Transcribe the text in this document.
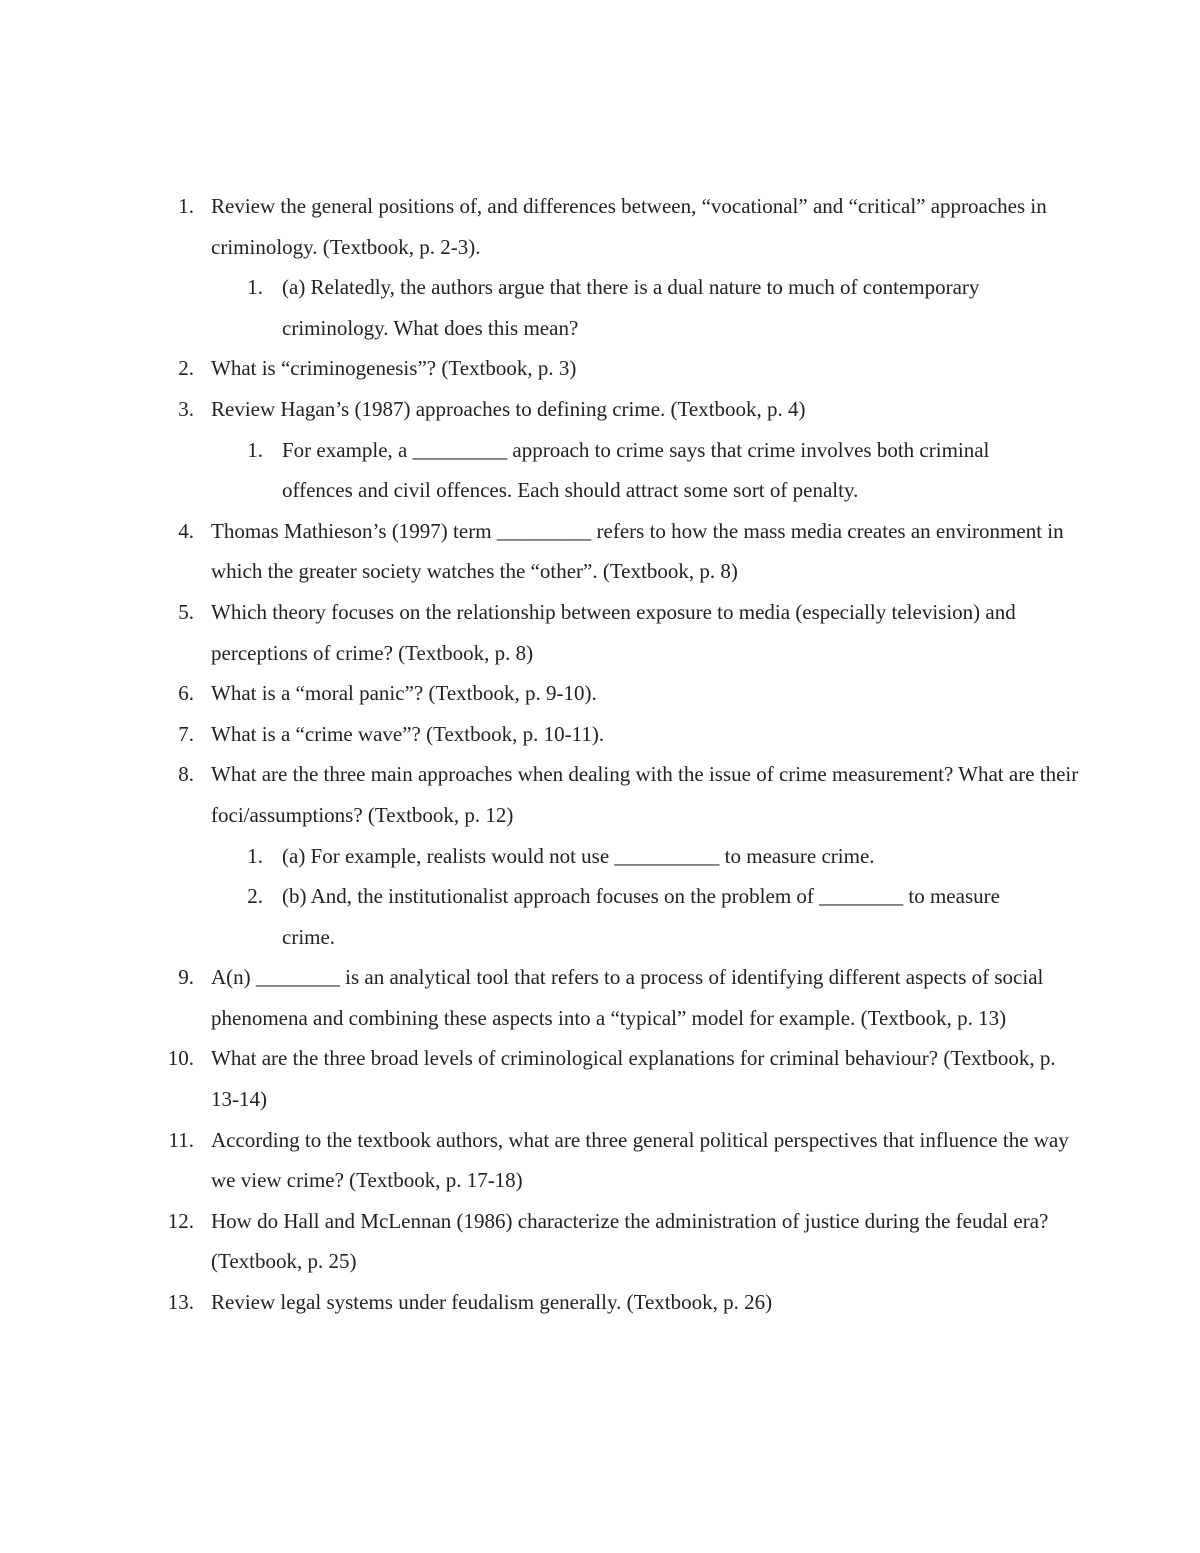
1. Review the general positions of, and differences between, “vocational” and “critical” approaches in criminology. (Textbook, p. 2-3).
1. (a) Relatedly, the authors argue that there is a dual nature to much of contemporary criminology. What does this mean?
2. What is “criminogenesis”? (Textbook, p. 3)
3. Review Hagan’s (1987) approaches to defining crime. (Textbook, p. 4)
1. For example, a _________ approach to crime says that crime involves both criminal offences and civil offences. Each should attract some sort of penalty.
4. Thomas Mathieson’s (1997) term _________ refers to how the mass media creates an environment in which the greater society watches the “other”. (Textbook, p. 8)
5. Which theory focuses on the relationship between exposure to media (especially television) and perceptions of crime? (Textbook, p. 8)
6. What is a “moral panic”? (Textbook, p. 9-10).
7. What is a “crime wave”? (Textbook, p. 10-11).
8. What are the three main approaches when dealing with the issue of crime measurement? What are their foci/assumptions? (Textbook, p. 12)
1. (a) For example, realists would not use __________ to measure crime.
2. (b) And, the institutionalist approach focuses on the problem of ________ to measure crime.
9. A(n) ________ is an analytical tool that refers to a process of identifying different aspects of social phenomena and combining these aspects into a “typical” model for example. (Textbook, p. 13)
10. What are the three broad levels of criminological explanations for criminal behaviour? (Textbook, p. 13-14)
11. According to the textbook authors, what are three general political perspectives that influence the way we view crime? (Textbook, p. 17-18)
12. How do Hall and McLennan (1986) characterize the administration of justice during the feudal era? (Textbook, p. 25)
13. Review legal systems under feudalism generally. (Textbook, p. 26)
